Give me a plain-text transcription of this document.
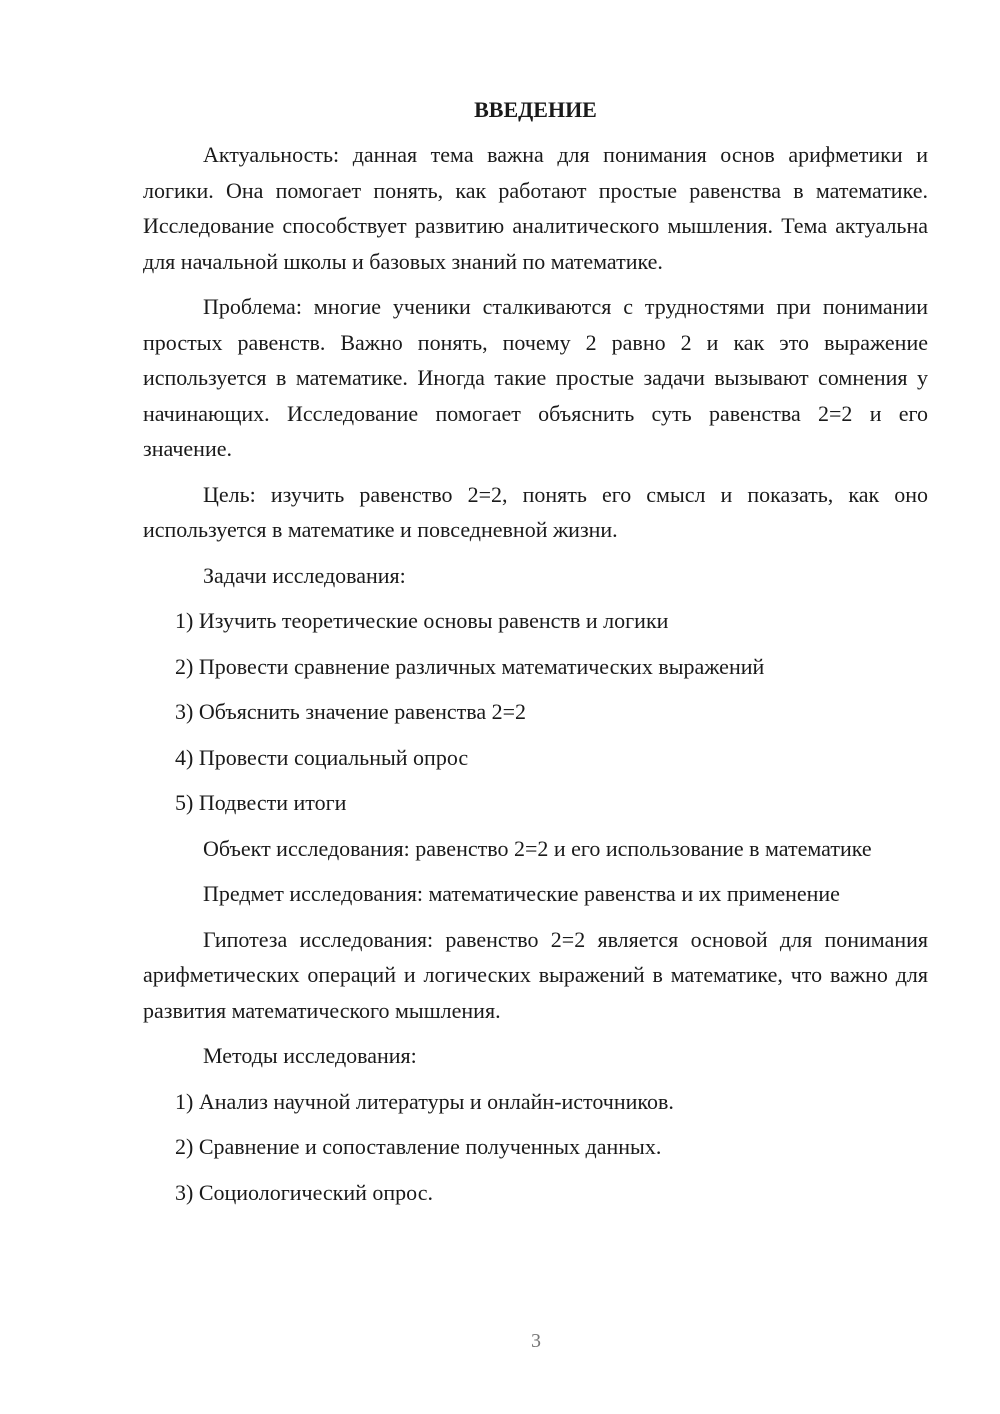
ВВЕДЕНИЕ

Актуальность: данная тема важна для понимания основ арифметики и логики. Она помогает понять, как работают простые равенства в математике. Исследование способствует развитию аналитического мышления. Тема актуальна для начальной школы и базовых знаний по математике.

Проблема: многие ученики сталкиваются с трудностями при понимании простых равенств. Важно понять, почему 2 равно 2 и как это выражение используется в математике. Иногда такие простые задачи вызывают сомнения у начинающих. Исследование помогает объяснить суть равенства 2=2 и его значение.

Цель: изучить равенство 2=2, понять его смысл и показать, как оно используется в математике и повседневной жизни.

Задачи исследования:

1) Изучить теоретические основы равенств и логики

2) Провести сравнение различных математических выражений

3) Объяснить значение равенства 2=2

4) Провести социальный опрос

5) Подвести итоги

Объект исследования: равенство 2=2 и его использование в математике

Предмет исследования: математические равенства и их применение

Гипотеза исследования: равенство 2=2 является основой для понимания арифметических операций и логических выражений в математике, что важно для развития математического мышления.

Методы исследования:

1) Анализ научной литературы и онлайн-источников.

2) Сравнение и сопоставление полученных данных.

3) Социологический опрос.

3
